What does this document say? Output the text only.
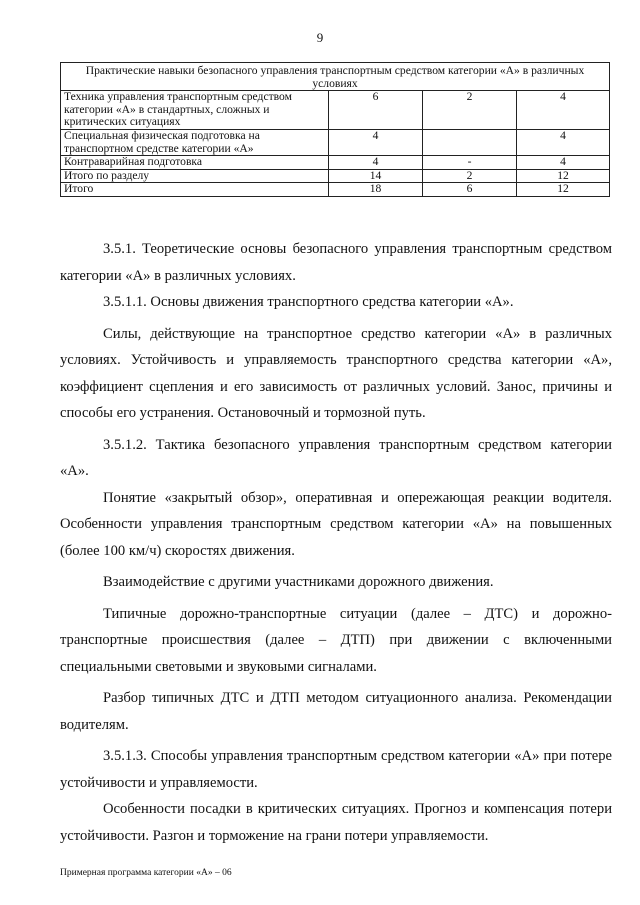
9
Практические навыки безопасного управления транспортным средством категории «А» в различных условиях			
Техника управления транспортным средством категории «А» в стандартных, сложных и критических ситуациях	6	2	4
Специальная физическая подготовка на транспортном средстве категории «А»	4		4
Контраварийная подготовка	4	-	4
Итого по разделу	14	2	12
Итого	18	6	12

3.5.1. Теоретические основы безопасного управления транспортным средством категории «А» в различных условиях.

3.5.1.1. Основы движения транспортного средства категории «А».

Силы, действующие на транспортное средство категории «А» в различных условиях. Устойчивость и управляемость транспортного средства категории «А», коэффициент сцепления и его зависимость от различных условий. Занос, причины и способы его устранения. Остановочный и тормозной путь.

3.5.1.2. Тактика безопасного управления транспортным средством категории «А».

Понятие «закрытый обзор», оперативная и опережающая реакции водителя. Особенности управления транспортным средством категории «А» на повышенных (более 100 км/ч) скоростях движения.

Взаимодействие с другими участниками дорожного движения.

Типичные дорожно-транспортные ситуации (далее – ДТС) и дорожно-транспортные происшествия (далее – ДТП) при движении с включенными специальными световыми и звуковыми сигналами.

Разбор типичных ДТС и ДТП методом ситуационного анализа. Рекомендации водителям.

3.5.1.3. Способы управления транспортным средством категории «А» при потере устойчивости и управляемости.

Особенности посадки в критических ситуациях. Прогноз и компенсация потери устойчивости. Разгон и торможение на грани потери управляемости.

Примерная программа категории «А» – 06
